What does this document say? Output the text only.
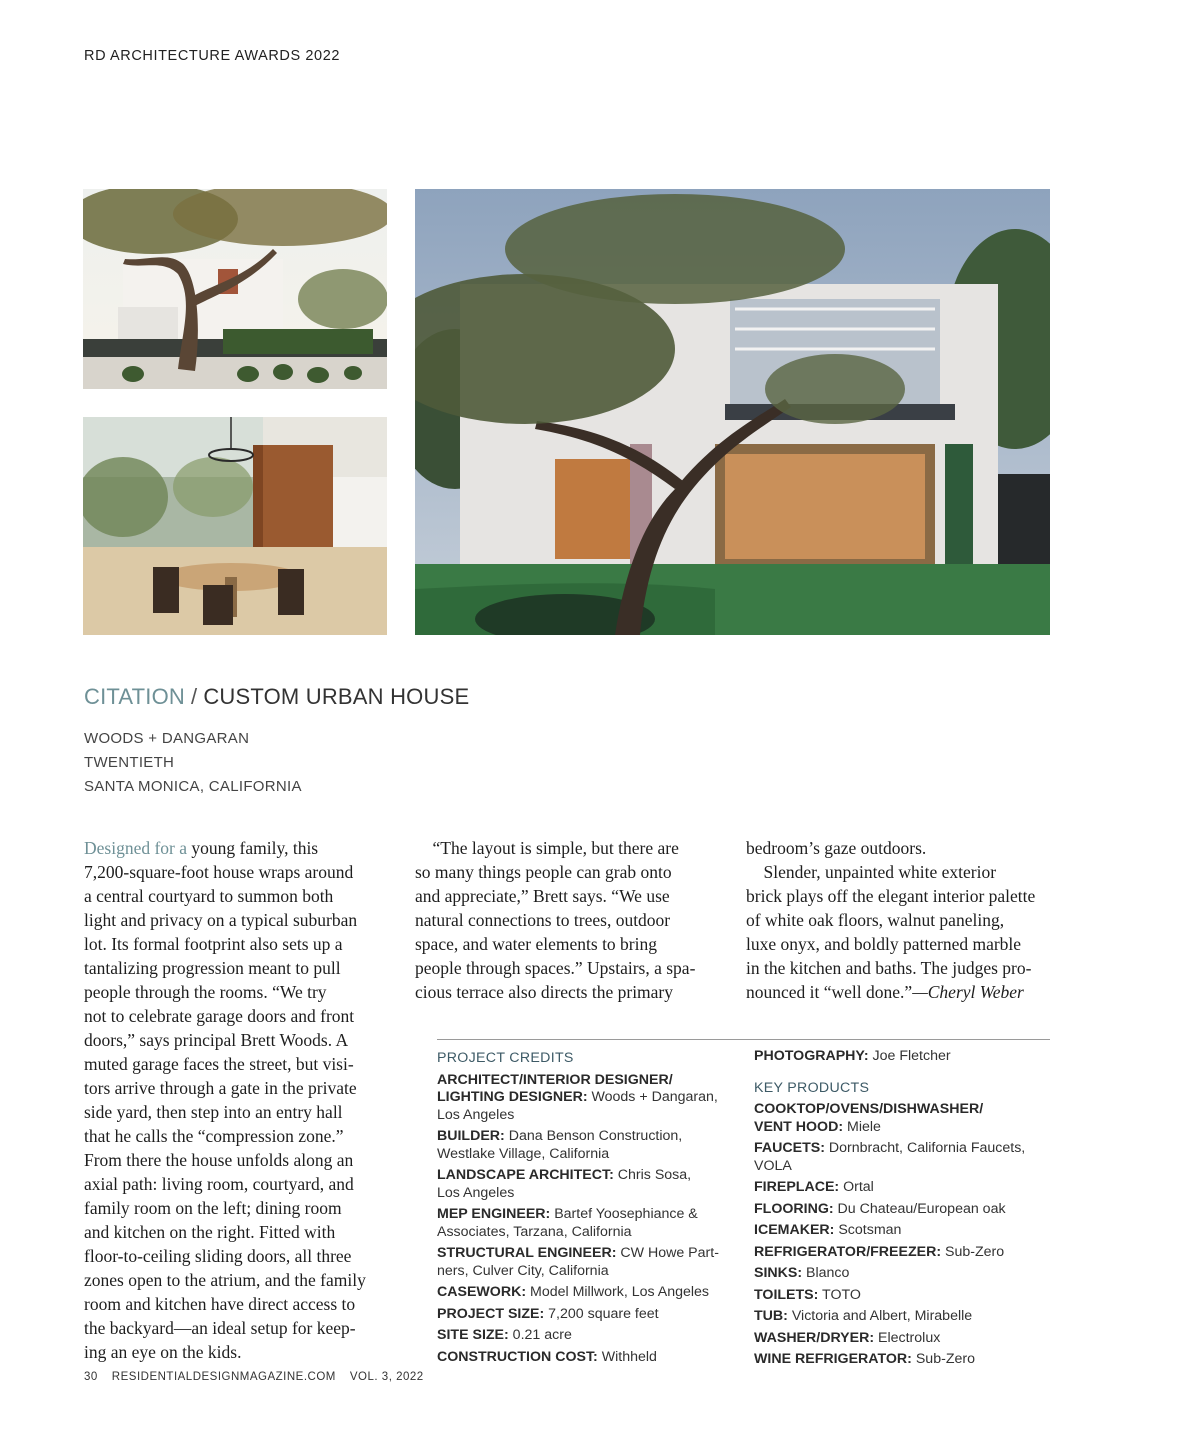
RD ARCHITECTURE AWARDS 2022
CITATION / CUSTOM URBAN HOUSE
WOODS + DANGARAN
TWENTIETH
SANTA MONICA, CALIFORNIA

Designed for a young family, this

7,200-square-foot house wraps around

a central courtyard to summon both

light and privacy on a typical suburban

lot. Its formal footprint also sets up a

tantalizing progression meant to pull

people through the rooms. “We try

not to celebrate garage doors and front

doors,” says principal Brett Woods. A

muted garage faces the street, but visi-

tors arrive through a gate in the private

side yard, then step into an entry hall

that he calls the “compression zone.”

From there the house unfolds along an

axial path: living room, courtyard, and

family room on the left; dining room

and kitchen on the right. Fitted with

floor-to-ceiling sliding doors, all three

zones open to the atrium, and the family

room and kitchen have direct access to

the backyard—an ideal setup for keep-

ing an eye on the kids.

“The layout is simple, but there are

so many things people can grab onto

and appreciate,” Brett says. “We use

natural connections to trees, outdoor

space, and water elements to bring

people through spaces.” Upstairs, a spa-

cious terrace also directs the primary

bedroom’s gaze outdoors.

Slender, unpainted white exterior

brick plays off the elegant interior palette

of white oak floors, walnut paneling,

luxe onyx, and boldly patterned marble

in the kitchen and baths. The judges pro-

nounced it “well done.”—Cheryl Weber

PROJECT CREDITS
ARCHITECT/INTERIOR DESIGNER/
LIGHTING DESIGNER: Woods + Dangaran,
Los Angeles
BUILDER: Dana Benson Construction,
Westlake Village, California
LANDSCAPE ARCHITECT: Chris Sosa,
Los Angeles
MEP ENGINEER: Bartef Yoosephiance &
Associates, Tarzana, California
STRUCTURAL ENGINEER: CW Howe Part-
ners, Culver City, California
CASEWORK: Model Millwork, Los Angeles
PROJECT SIZE: 7,200 square feet
SITE SIZE: 0.21 acre
CONSTRUCTION COST: Withheld
PHOTOGRAPHY: Joe Fletcher
KEY PRODUCTS
COOKTOP/OVENS/DISHWASHER/
VENT HOOD: Miele
FAUCETS: Dornbracht, California Faucets,
VOLA
FIREPLACE: Ortal
FLOORING: Du Chateau/European oak
ICEMAKER: Scotsman
REFRIGERATOR/FREEZER: Sub-Zero
SINKS: Blanco
TOILETS: TOTO
TUB: Victoria and Albert, Mirabelle
WASHER/DRYER: Electrolux
WINE REFRIGERATOR: Sub-Zero
30 RESIDENTIALDESIGNMAGAZINE.COM VOL. 3, 2022
